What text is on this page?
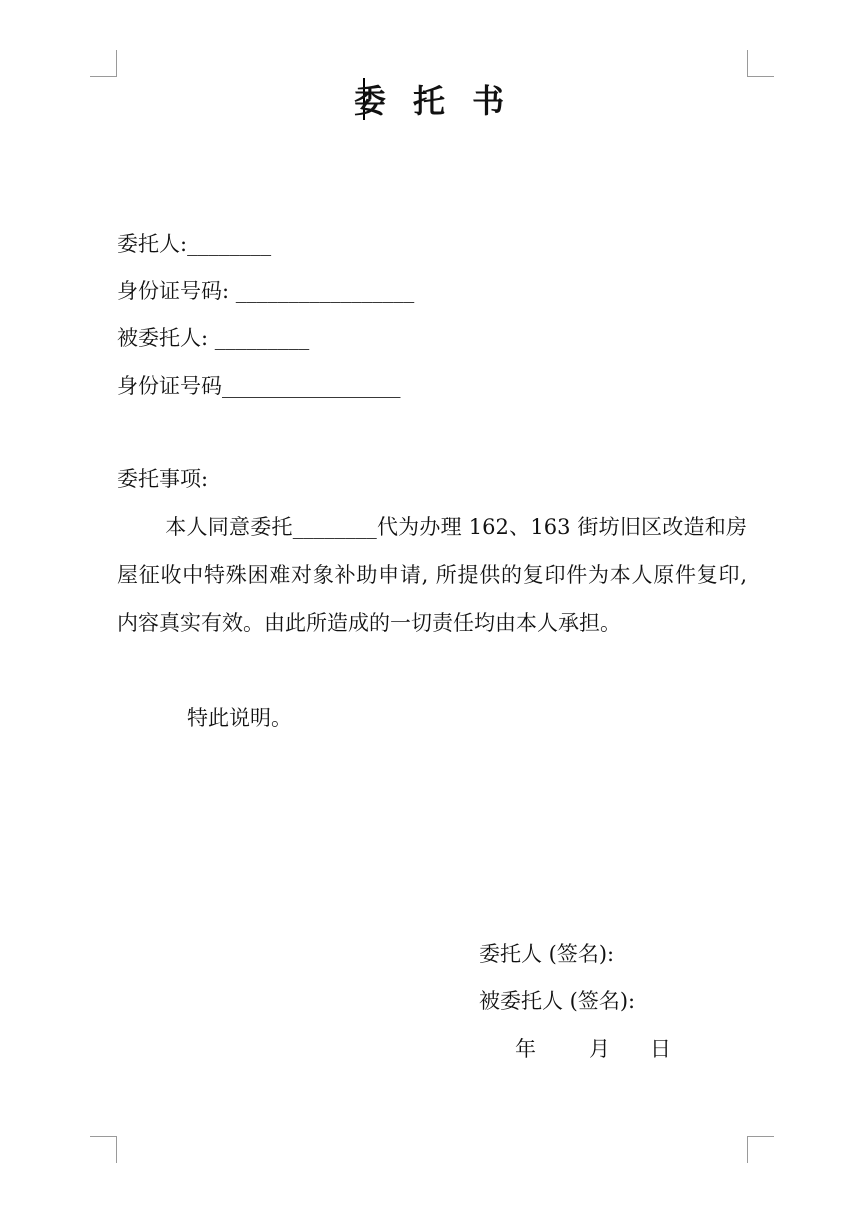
委 托 书
委托人:________
身份证号码: _________________
被委托人: _________
身份证号码_________________
委托事项:

本人同意委托________代为办理 162、163 街坊旧区改造和房屋征收中特殊困难对象补助申请, 所提供的复印件为本人原件复印, 内容真实有效。由此所造成的一切责任均由本人承担。

特此说明。
委托人 (签名):
被委托人 (签名):
年	月 日
